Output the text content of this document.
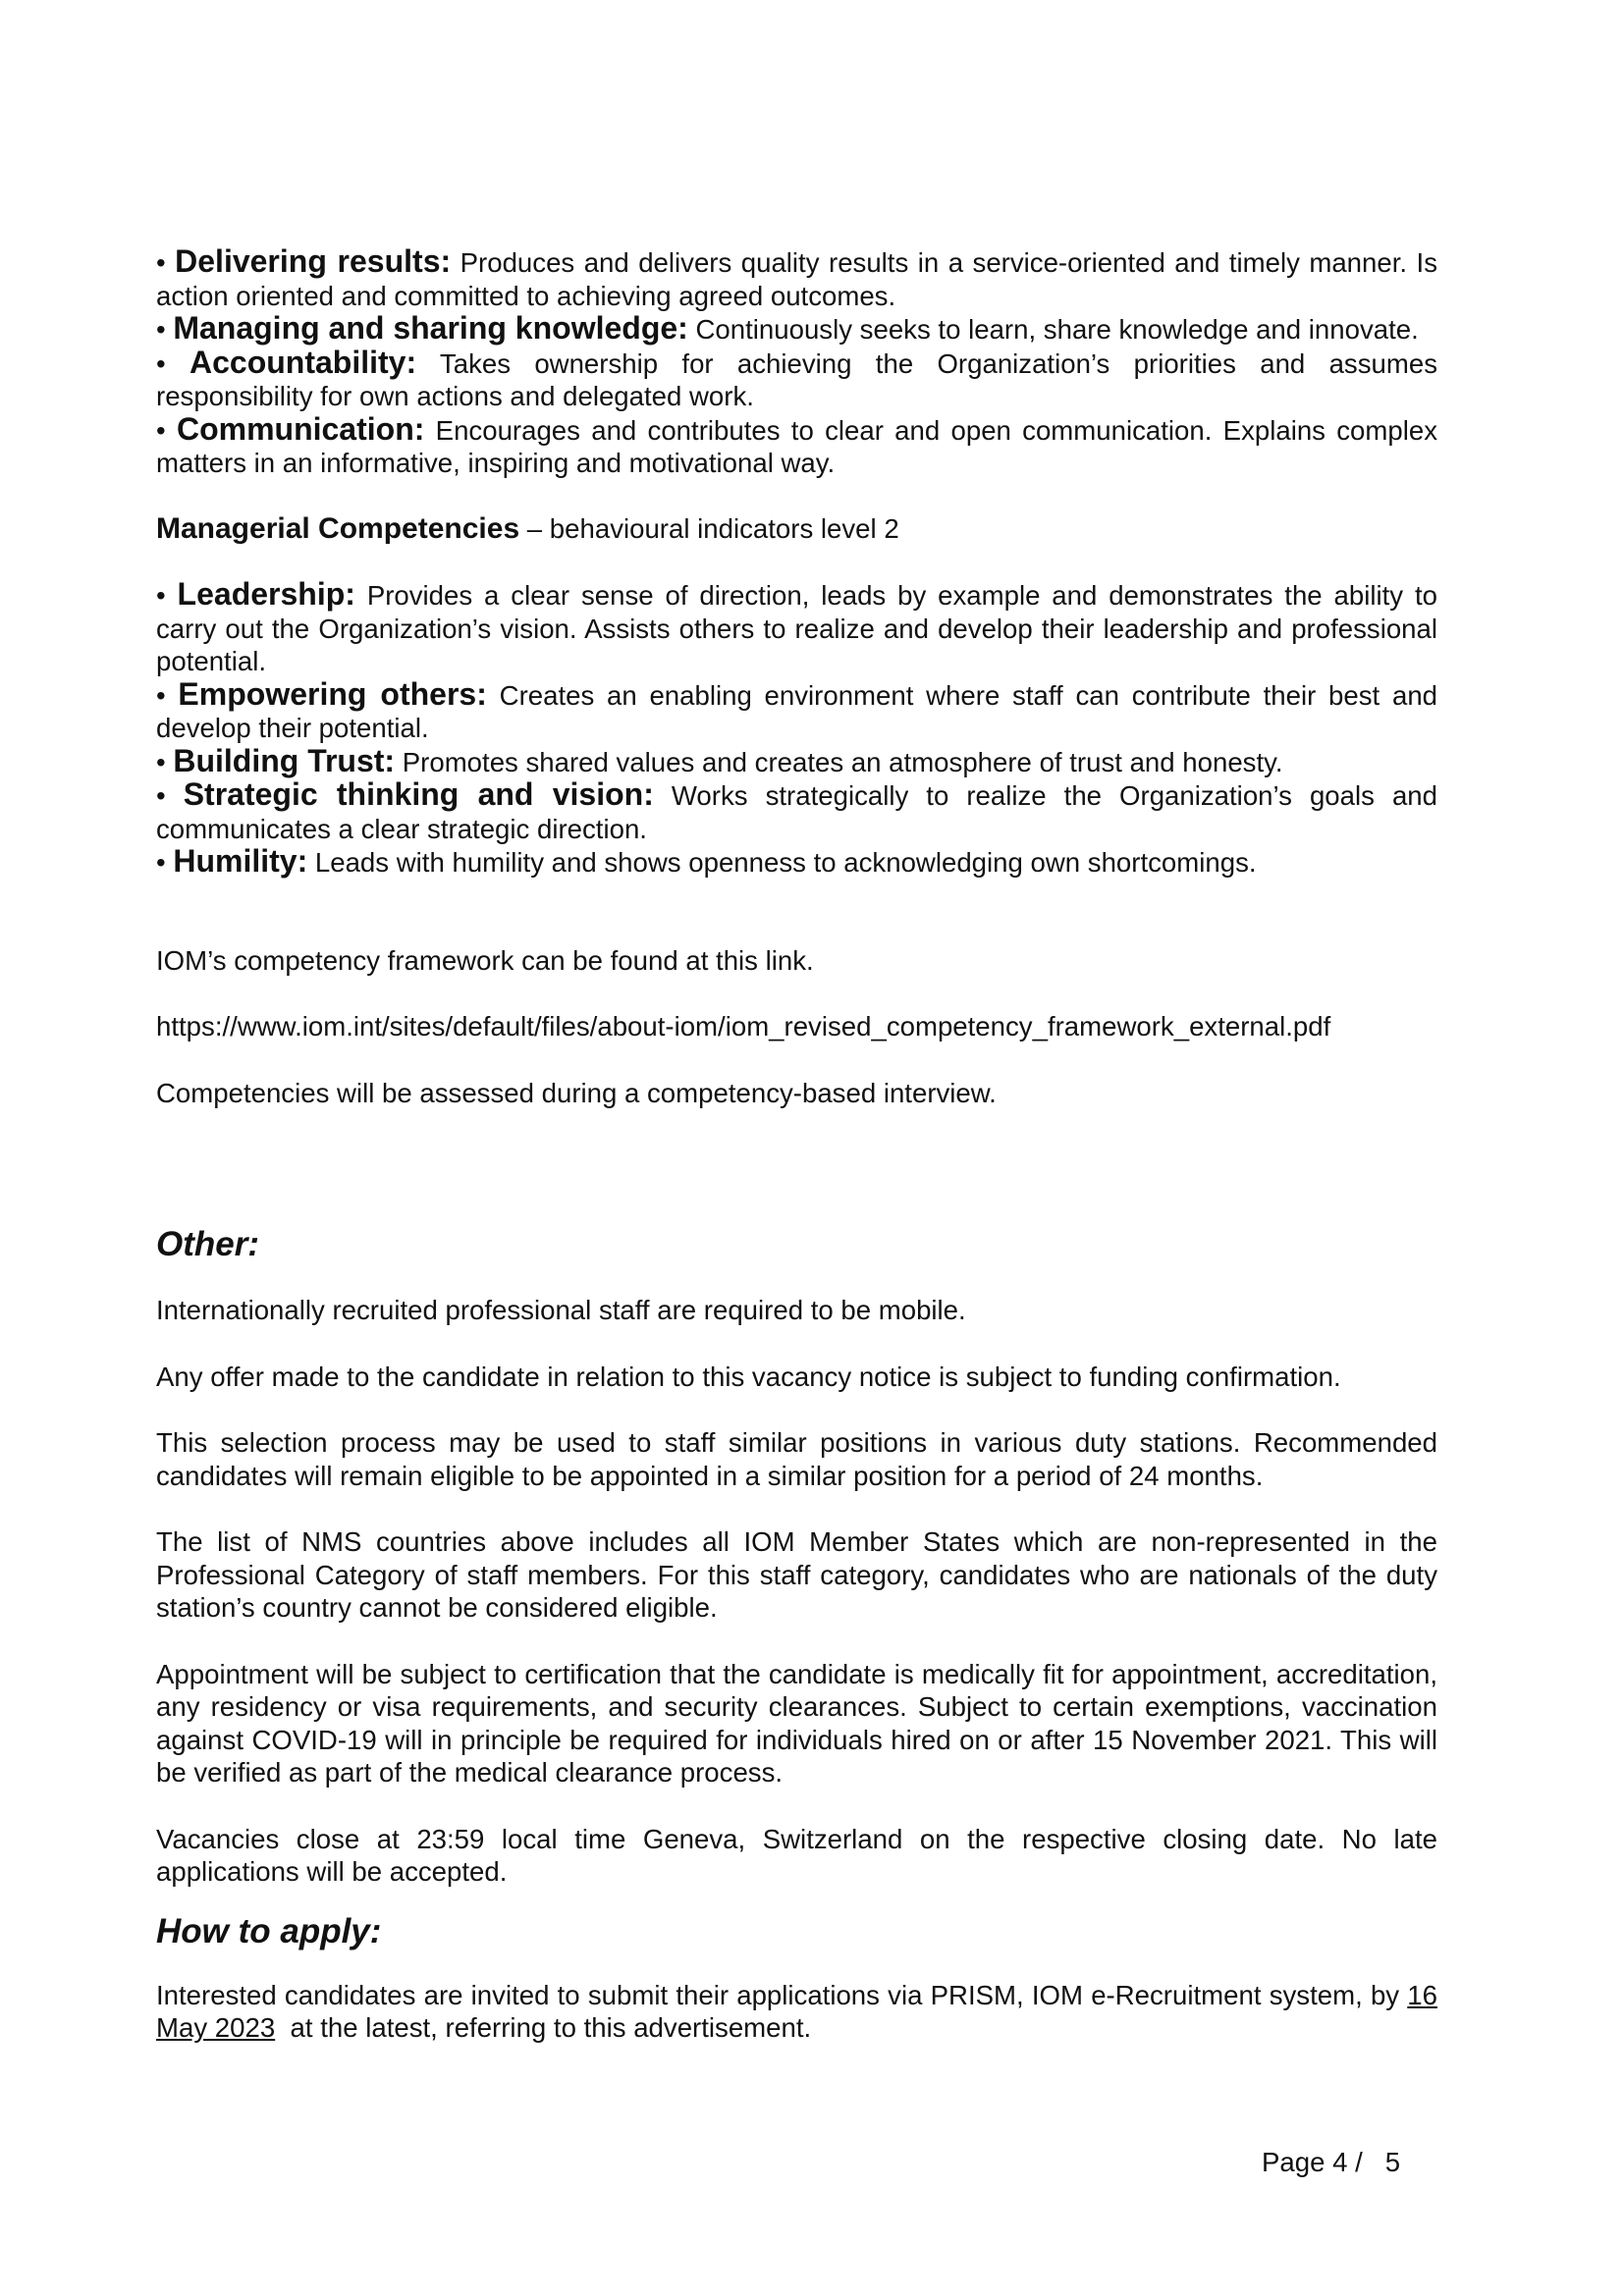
• Delivering results: Produces and delivers quality results in a service-oriented and timely manner. Is action oriented and committed to achieving agreed outcomes.

• Managing and sharing knowledge: Continuously seeks to learn, share knowledge and innovate.

• Accountability: Takes ownership for achieving the Organization’s priorities and assumes responsibility for own actions and delegated work.

• Communication: Encourages and contributes to clear and open communication. Explains complex matters in an informative, inspiring and motivational way.

Managerial Competencies – behavioural indicators level 2

• Leadership: Provides a clear sense of direction, leads by example and demonstrates the ability to carry out the Organization’s vision. Assists others to realize and develop their leadership and professional potential.

• Empowering others: Creates an enabling environment where staff can contribute their best and develop their potential.

• Building Trust: Promotes shared values and creates an atmosphere of trust and honesty.

• Strategic thinking and vision: Works strategically to realize the Organization’s goals and communicates a clear strategic direction.

• Humility: Leads with humility and shows openness to acknowledging own shortcomings.

IOM’s competency framework can be found at this link.

https://www.iom.int/sites/default/files/about-iom/iom_revised_competency_framework_external.pdf

Competencies will be assessed during a competency-based interview.

Other:

Internationally recruited professional staff are required to be mobile.

Any offer made to the candidate in relation to this vacancy notice is subject to funding confirmation.

This selection process may be used to staff similar positions in various duty stations. Recommended candidates will remain eligible to be appointed in a similar position for a period of 24 months.

The list of NMS countries above includes all IOM Member States which are non-represented in the Professional Category of staff members. For this staff category, candidates who are nationals of the duty station’s country cannot be considered eligible.

Appointment will be subject to certification that the candidate is medically fit for appointment, accreditation, any residency or visa requirements, and security clearances. Subject to certain exemptions, vaccination against COVID-19 will in principle be required for individuals hired on or after 15 November 2021. This will be verified as part of the medical clearance process.

Vacancies close at 23:59 local time Geneva, Switzerland on the respective closing date. No late applications will be accepted.

How to apply:

Interested candidates are invited to submit their applications via PRISM, IOM e-Recruitment system, by 16 May 2023  at the latest, referring to this advertisement.

Page 4 /   5
